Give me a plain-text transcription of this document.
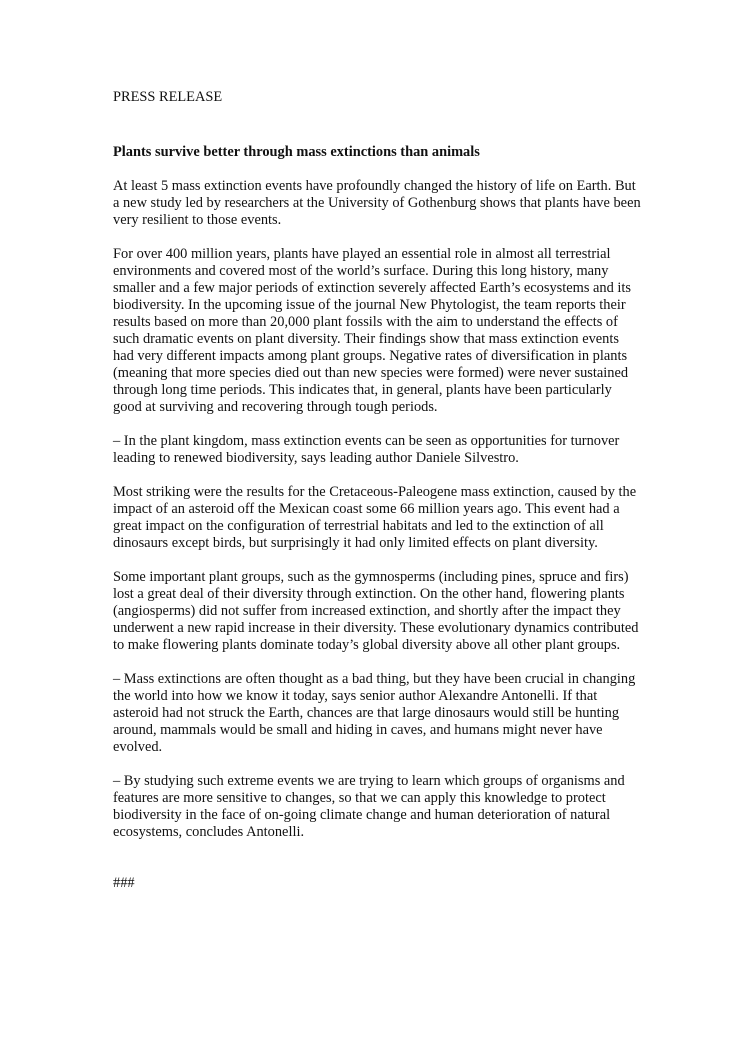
PRESS RELEASE

Plants survive better through mass extinctions than animals

At least 5 mass extinction events have profoundly changed the history of life on Earth. But a new study led by researchers at the University of Gothenburg shows that plants have been very resilient to those events.

For over 400 million years, plants have played an essential role in almost all terrestrial environments and covered most of the world’s surface. During this long history, many smaller and a few major periods of extinction severely affected Earth’s ecosystems and its biodiversity. In the upcoming issue of the journal New Phytologist, the team reports their results based on more than 20,000 plant fossils with the aim to understand the effects of such dramatic events on plant diversity. Their findings show that mass extinction events had very different impacts among plant groups. Negative rates of diversification in plants (meaning that more species died out than new species were formed) were never sustained through long time periods. This indicates that, in general, plants have been particularly good at surviving and recovering through tough periods.

– In the plant kingdom, mass extinction events can be seen as opportunities for turnover leading to renewed biodiversity, says leading author Daniele Silvestro.

Most striking were the results for the Cretaceous-Paleogene mass extinction, caused by the impact of an asteroid off the Mexican coast some 66 million years ago. This event had a great impact on the configuration of terrestrial habitats and led to the extinction of all dinosaurs except birds, but surprisingly it had only limited effects on plant diversity.

Some important plant groups, such as the gymnosperms (including pines, spruce and firs) lost a great deal of their diversity through extinction. On the other hand, flowering plants (angiosperms) did not suffer from increased extinction, and shortly after the impact they underwent a new rapid increase in their diversity. These evolutionary dynamics contributed to make flowering plants dominate today’s global diversity above all other plant groups.

– Mass extinctions are often thought as a bad thing, but they have been crucial in changing the world into how we know it today, says senior author Alexandre Antonelli. If that asteroid had not struck the Earth, chances are that large dinosaurs would still be hunting around, mammals would be small and hiding in caves, and humans might never have evolved.

– By studying such extreme events we are trying to learn which groups of organisms and features are more sensitive to changes, so that we can apply this knowledge to protect biodiversity in the face of on-going climate change and human deterioration of natural ecosystems, concludes Antonelli.

###
